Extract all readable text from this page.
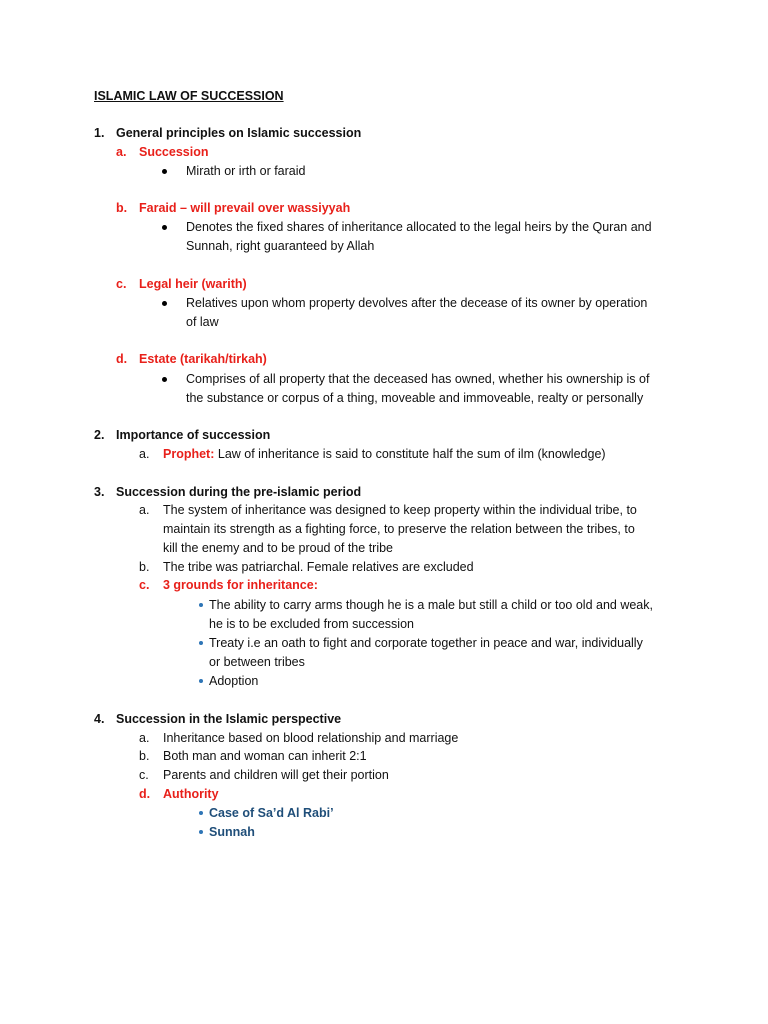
ISLAMIC LAW OF SUCCESSION
1. General principles on Islamic succession
a. Succession
Mirath or irth or faraid
b. Faraid – will prevail over wassiyyah
Denotes the fixed shares of inheritance allocated to the legal heirs by the Quran and
Sunnah, right guaranteed by Allah
c. Legal heir (warith)
Relatives upon whom property devolves after the decease of its owner by operation
of law
d. Estate (tarikah/tirkah)
Comprises of all property that the deceased has owned, whether his ownership is of
the substance or corpus of a thing, moveable and immoveable, realty or personally
2. Importance of succession
a. Prophet: Law of inheritance is said to constitute half the sum of ilm (knowledge)
3. Succession during the pre-islamic period
a. The system of inheritance was designed to keep property within the individual tribe, to
maintain its strength as a fighting force, to preserve the relation between the tribes, to
kill the enemy and to be proud of the tribe
b. The tribe was patriarchal. Female relatives are excluded
c. 3 grounds for inheritance:
The ability to carry arms though he is a male but still a child or too old and weak,
he is to be excluded from succession
Treaty i.e an oath to fight and corporate together in peace and war, individually
or between tribes
Adoption
4. Succession in the Islamic perspective
a. Inheritance based on blood relationship and marriage
b. Both man and woman can inherit 2:1
c. Parents and children will get their portion
d. Authority
Case of Sa’d Al Rabi’
Sunnah
